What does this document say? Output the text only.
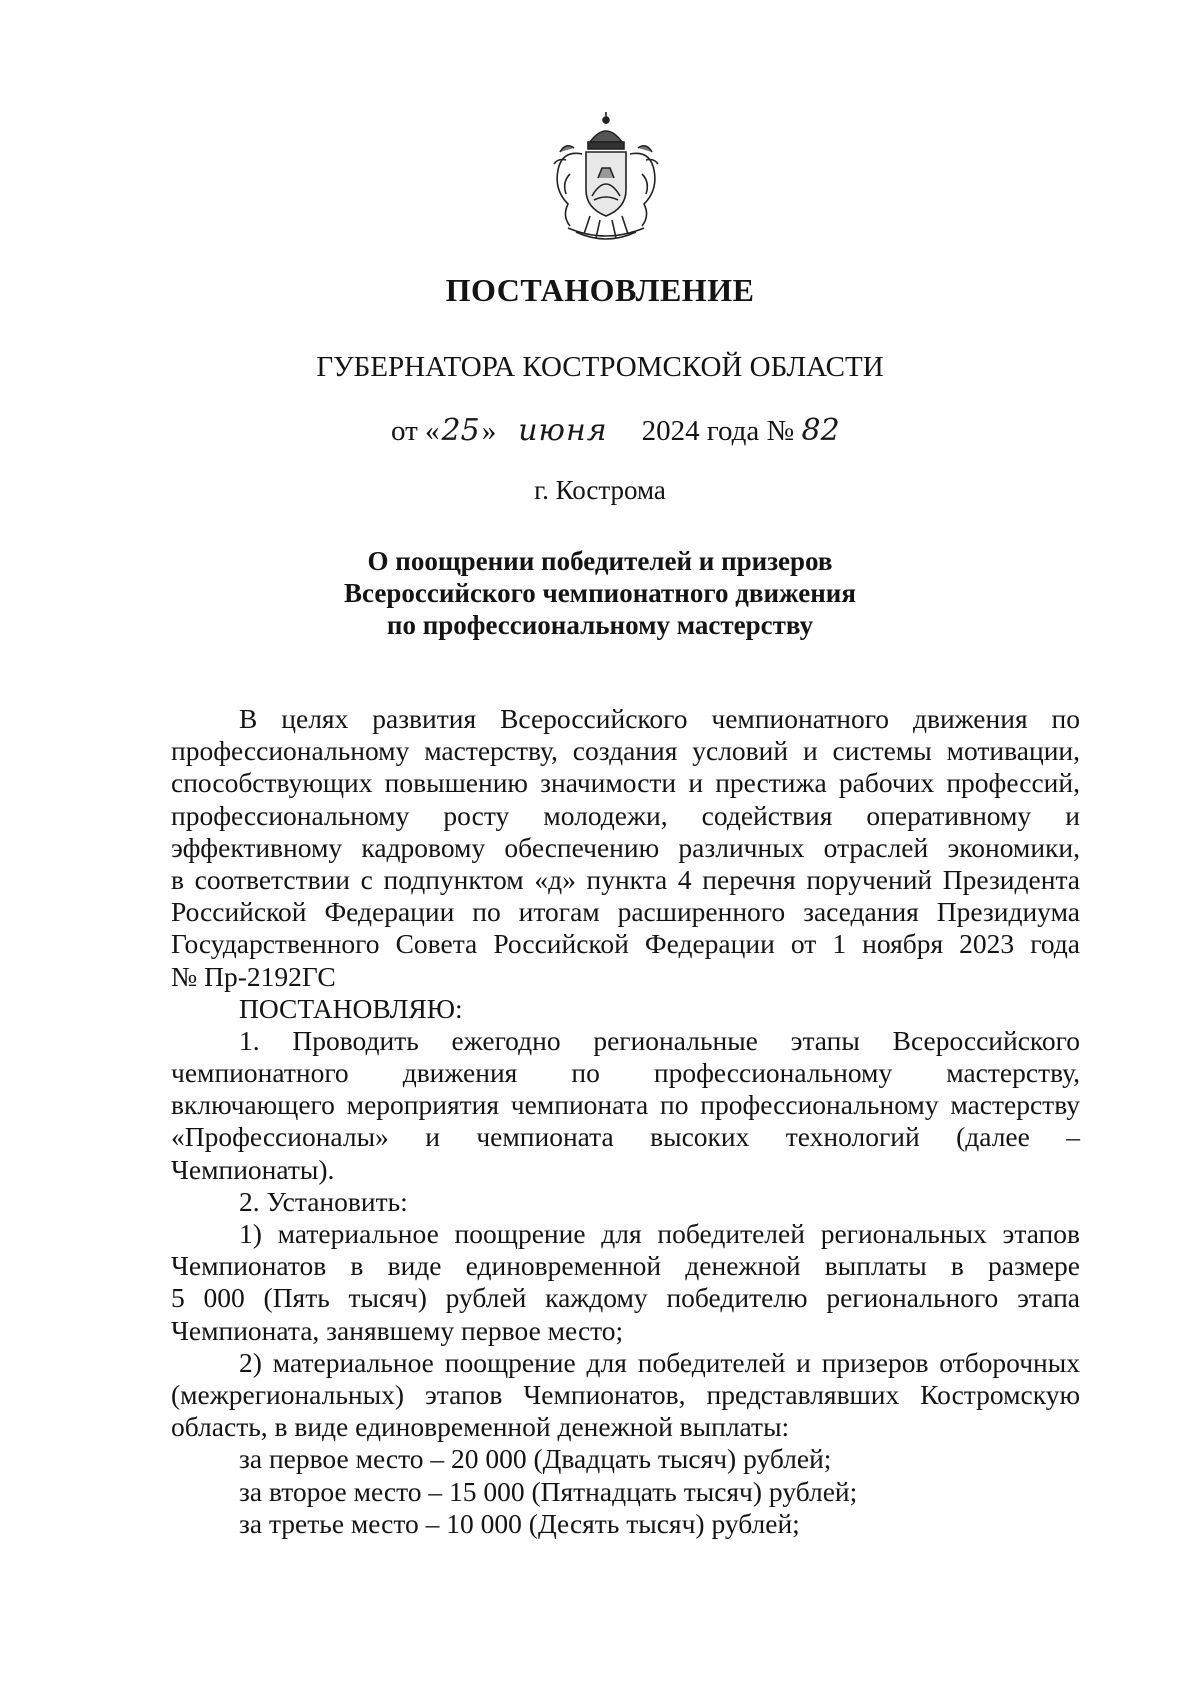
ПОСТАНОВЛЕНИЕ
ГУБЕРНАТОРА КОСТРОМСКОЙ ОБЛАСТИ
от «25» июня 2024 года № 82
г. Кострома
О поощрении победителей и призеров
Всероссийского чемпионатного движения
по профессиональному мастерству
В целях развития Всероссийского чемпионатного движения по
профессиональному мастерству, создания условий и системы мотивации,
способствующих повышению значимости и престижа рабочих профессий,
профессиональному росту молодежи, содействия оперативному и
эффективному кадровому обеспечению различных отраслей экономики,
в соответствии с подпунктом «д» пункта 4 перечня поручений Президента
Российской Федерации по итогам расширенного заседания Президиума
Государственного Совета Российской Федерации от 1 ноября 2023 года
№ Пр-2192ГС
ПОСТАНОВЛЯЮ:
1. Проводить ежегодно региональные этапы Всероссийского
чемпионатного движения по профессиональному мастерству,
включающего мероприятия чемпионата по профессиональному мастерству
«Профессионалы» и чемпионата высоких технологий (далее –
Чемпионаты).
2. Установить:
1) материальное поощрение для победителей региональных этапов
Чемпионатов в виде единовременной денежной выплаты в размере
5 000 (Пять тысяч) рублей каждому победителю регионального этапа
Чемпионата, занявшему первое место;
2) материальное поощрение для победителей и призеров отборочных
(межрегиональных) этапов Чемпионатов, представлявших Костромскую
область, в виде единовременной денежной выплаты:
за первое место – 20 000 (Двадцать тысяч) рублей;
за второе место – 15 000 (Пятнадцать тысяч) рублей;
за третье место – 10 000 (Десять тысяч) рублей;
